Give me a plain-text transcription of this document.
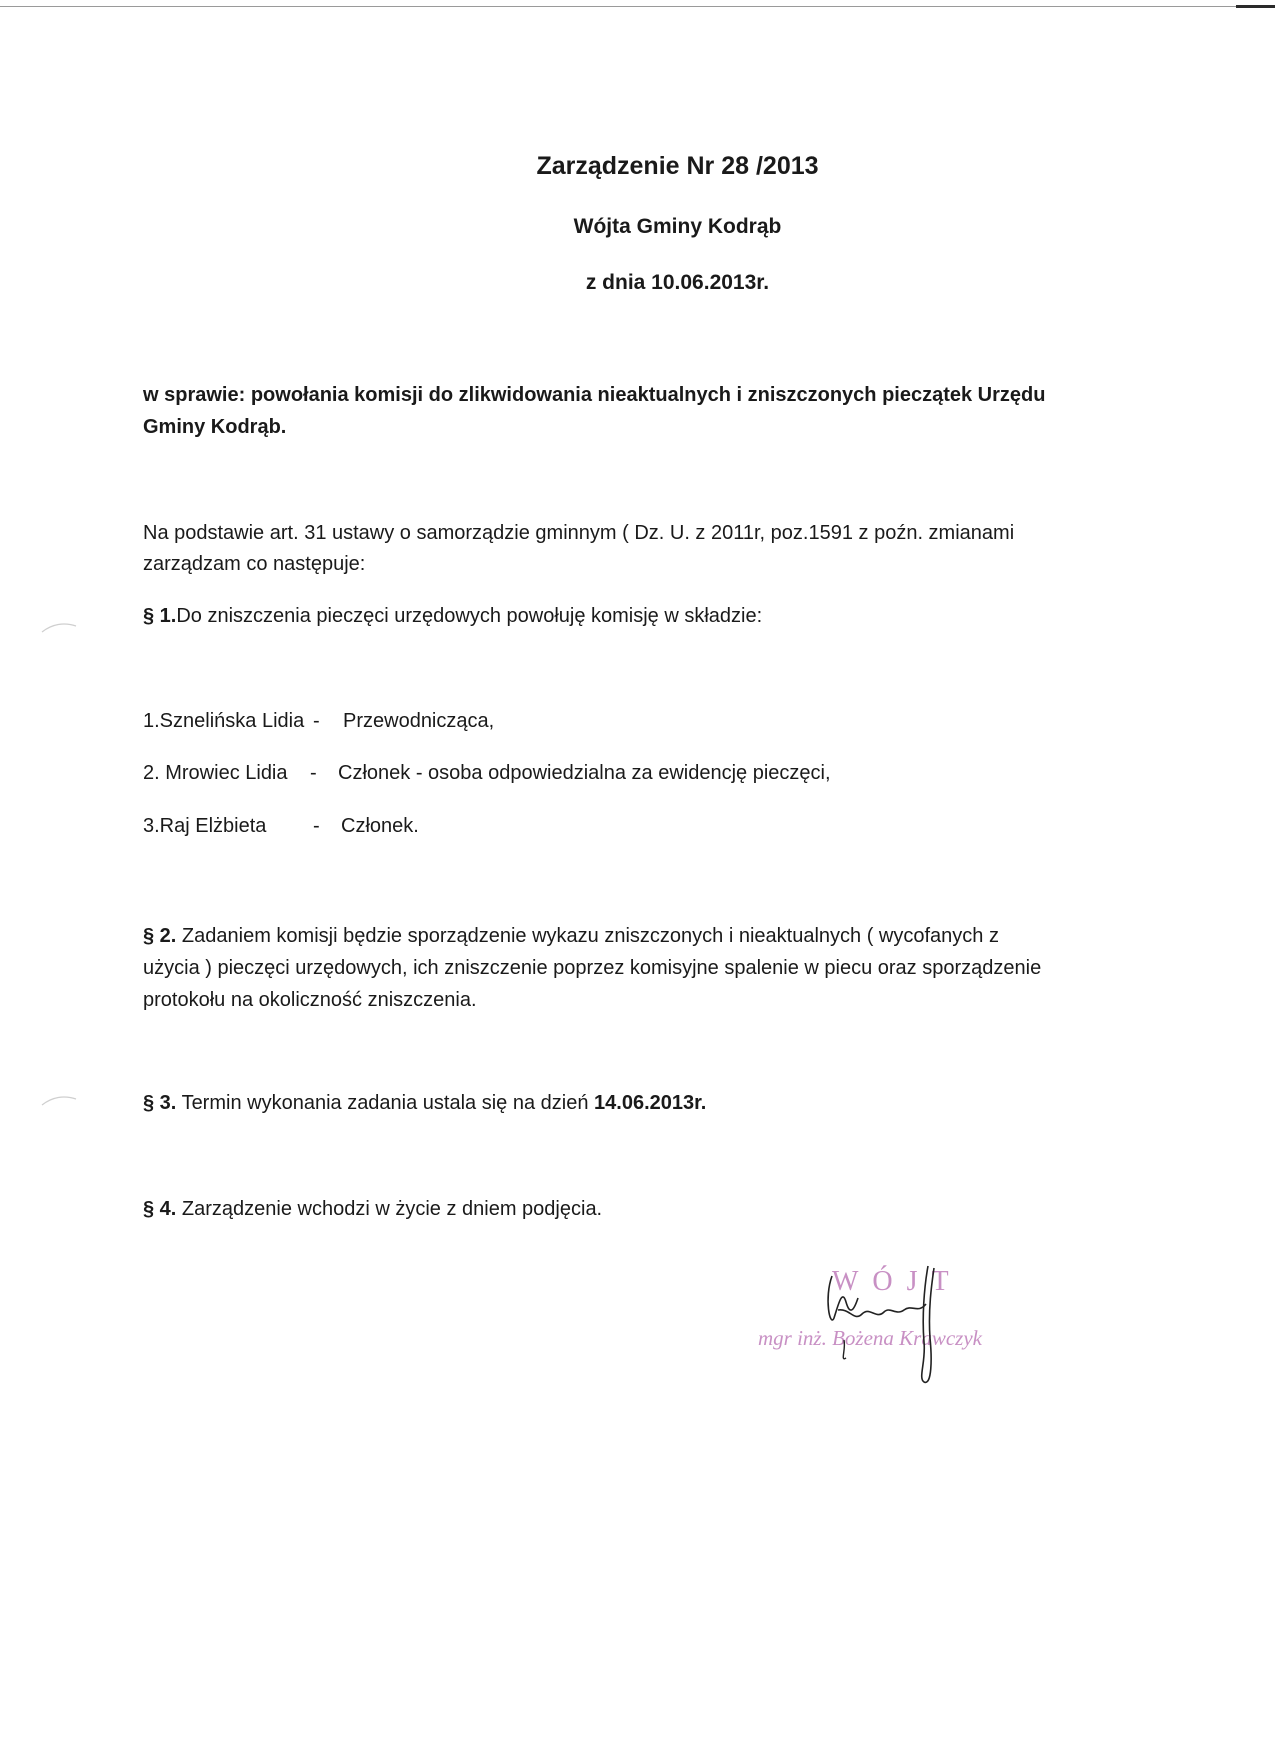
Zarządzenie Nr 28 /2013
Wójta Gminy Kodrąb
z dnia 10.06.2013r.
w sprawie: powołania komisji do zlikwidowania nieaktualnych i zniszczonych pieczątek Urzędu
Gminy Kodrąb.
Na podstawie art. 31 ustawy o samorządzie gminnym ( Dz. U. z 2011r, poz.1591 z poźn. zmianami
zarządzam co następuje:
§ 1.Do zniszczenia pieczęci urzędowych powołuję komisję w składzie:
1.Sznelińska Lidia - Przewodnicząca,
2. Mrowiec Lidia - Członek - osoba odpowiedzialna za ewidencję pieczęci,
3.Raj Elżbieta - Członek.
§ 2. Zadaniem komisji będzie sporządzenie wykazu zniszczonych i nieaktualnych ( wycofanych z
użycia ) pieczęci urzędowych, ich zniszczenie poprzez komisyjne spalenie w piecu oraz sporządzenie
protokołu na okoliczność zniszczenia.
§ 3. Termin wykonania zadania ustala się na dzień 14.06.2013r.
§ 4. Zarządzenie wchodzi w życie z dniem podjęcia.
WÓJT
mgr inż. Bożena Krawczyk
